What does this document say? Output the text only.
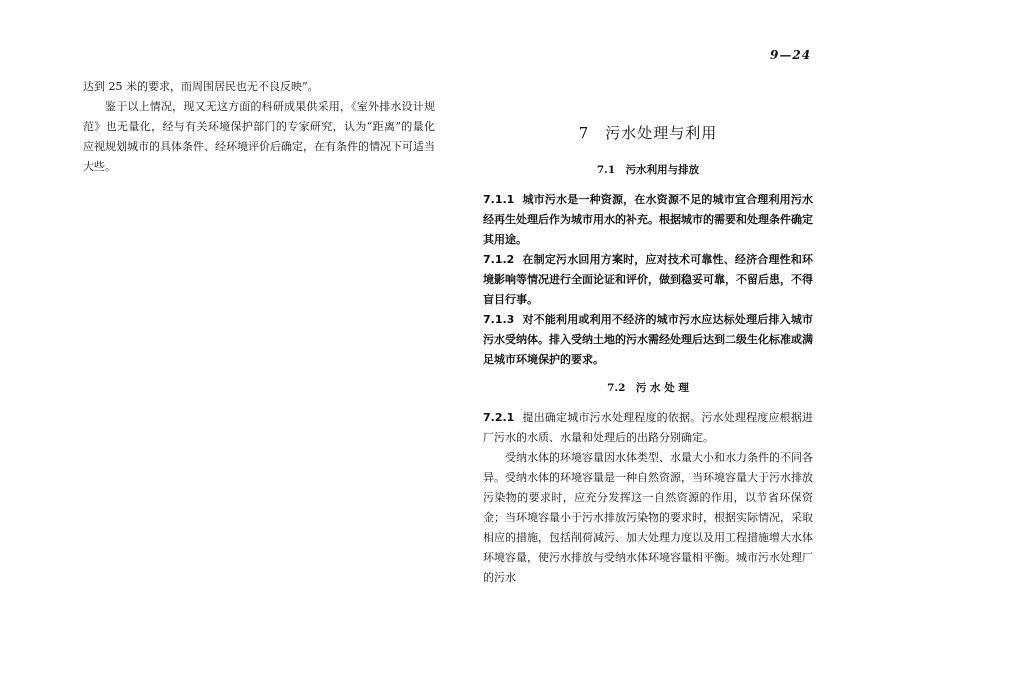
9—24

达到 25 米的要求，而周围居民也无不良反映”。

鉴于以上情况，现又无这方面的科研成果供采用，《室外排水设计规范》也无量化，经与有关环境保护部门的专家研究，认为“距离”的量化应视规划城市的具体条件、经环境评价后确定，在有条件的情况下可适当大些。

7　污水处理与利用
7.1　污水利用与排放

7.1.1 城市污水是一种资源，在水资源不足的城市宜合理利用污水经再生处理后作为城市用水的补充。根据城市的需要和处理条件确定其用途。

7.1.2 在制定污水回用方案时，应对技术可靠性、经济合理性和环境影响等情况进行全面论证和评价，做到稳妥可靠，不留后患，不得盲目行事。

7.1.3 对不能利用或利用不经济的城市污水应达标处理后排入城市污水受纳体。排入受纳土地的污水需经处理后达到二级生化标准或满足城市环境保护的要求。

7.2　污 水 处 理

7.2.1 提出确定城市污水处理程度的依据。污水处理程度应根据进厂污水的水质、水量和处理后的出路分别确定。

受纳水体的环境容量因水体类型、水量大小和水力条件的不同各异。受纳水体的环境容量是一种自然资源，当环境容量大于污水排放污染物的要求时，应充分发挥这一自然资源的作用，以节省环保资金；当环境容量小于污水排放污染物的要求时，根据实际情况，采取相应的措施，包括削荷减污、加大处理力度以及用工程措施增大水体环境容量，使污水排放与受纳水体环境容量相平衡。城市污水处理厂的污水
